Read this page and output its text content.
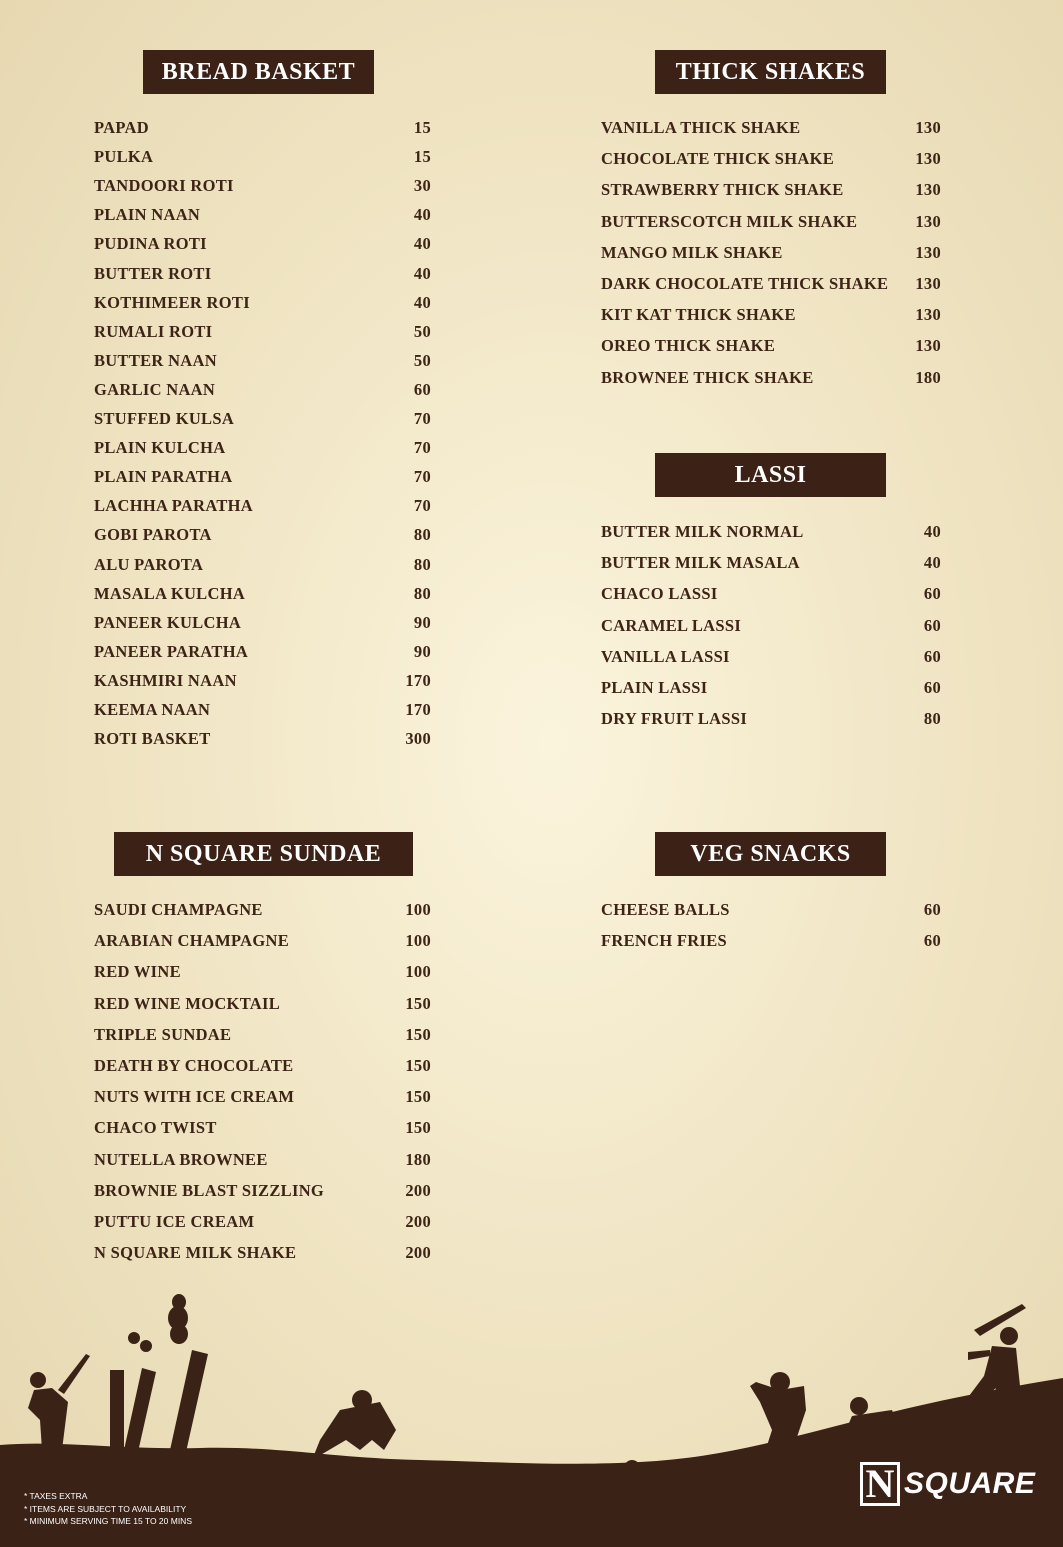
BREAD BASKET	THICK SHAKES
LASSI
N SQUARE SUNDAE	VEG SNACKS
PAPAD	15
PULKA	15
TANDOORI ROTI	30
PLAIN NAAN	40
PUDINA ROTI	40
BUTTER ROTI	40
KOTHIMEER ROTI	40
RUMALI ROTI	50
BUTTER NAAN	50
GARLIC NAAN	60
STUFFED KULSA	70
PLAIN KULCHA	70
PLAIN PARATHA	70
LACHHA PARATHA	70
GOBI PAROTA	80
ALU PAROTA	80
MASALA KULCHA	80
PANEER KULCHA	90
PANEER PARATHA	90
KASHMIRI NAAN	170
KEEMA NAAN	170
ROTI BASKET	300
VANILLA THICK SHAKE	130
CHOCOLATE THICK SHAKE	130
STRAWBERRY THICK SHAKE	130
BUTTERSCOTCH MILK SHAKE	130
MANGO MILK SHAKE	130
DARK CHOCOLATE THICK SHAKE 130
KIT KAT THICK SHAKE	130
OREO THICK SHAKE	130
BROWNEE THICK SHAKE	180
BUTTER MILK NORMAL	40
BUTTER MILK MASALA	40
CHACO LASSI	60
CARAMEL LASSI	60
VANILLA LASSI	60
PLAIN LASSI	60
DRY FRUIT LASSI	80
SAUDI CHAMPAGNE	100
ARABIAN CHAMPAGNE	100
RED WINE	100
RED WINE MOCKTAIL	150
TRIPLE SUNDAE	150
DEATH BY CHOCOLATE	150
NUTS WITH ICE CREAM	150
CHACO TWIST	150
NUTELLA BROWNEE	180
BROWNIE BLAST SIZZLING	200
PUTTU ICE CREAM	200
N SQUARE MILK SHAKE	200
CHEESE BALLS	60
FRENCH FRIES	60
* TAXES EXTRA
* ITEMS ARE SUBJECT TO AVAILABILITY
* MINIMUM SERVING TIME 15 TO 20 MINS
N SQUARE
